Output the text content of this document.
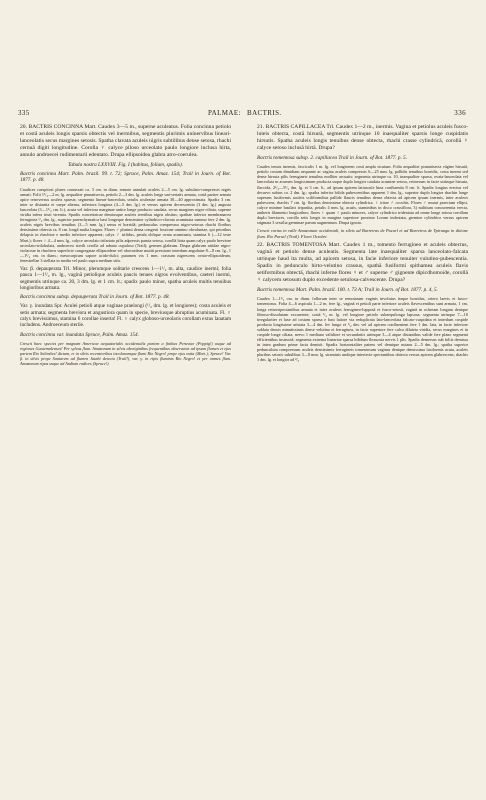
335	PALMAE: BACTRIS.	336

20. BACTRIS CONCINNA Mart. Caudex 3—5 m., superne aculeatus. Folia concinna petiolo et costā aculeis longis sparsis obtectis vel inermibus, segmentis plurimis unínervibus lineari-lanceolatis secus margines setosis. Spatha clavata aculeis nigris subtilibus dense setosa, rhachi cernuā digiti longitudine. Corolla ♀ calyce piloso urceolato paulo longiore inclusa hirta, annulo androecei rudimentarii edentato. Drupa ellipsoidea glabra atro-coerulea.

Tabula nostra LXXVIII. Fig. I (habitus, folium, spadix).

Bactris concinna Mart. Palm. brazil. 99. t. 72; Spruce, Palm. Amaz. 154; Trail in Journ. of Bot. 1877. p. 48.

Caudices caespitosi plures connexati ca. 3 cm. in diam. remote annulati aculeis 2—5 cm. lg. subulato-compressis nigris armati. Folii 1¹/₂—2 m. lg. aequaliter pinnatisecta, petiolo 2—3 dm. lg. aculeis longe uni-seriatis armata, costā pariter armata apice retroversus aculeis sparsis; segmenta lineari-lanceolata, setulis aculeatae armata 30—40 approximata. Spadix 3 cm. inter se distantia et saepe alterna, inferiora longiora (4—5 dm. lg.) et versus apicem decrescentia (3 dm. lg.) angusta lanceolata (3—1¹/₂ cm. lt.), acuta vel inferiora marginae antice longe producto caudata, secus margines nigro-ciliata, superne viridia infera tristi virentia. Spadix concentricae densiusque aculeis teretibus nigris obsitus; spathae inferior membranacea ferruginea ¹/₂ dm. lg., superior parenchymatica basi longeque densissime cylindrico-clavata acuminata summo fere 2 dm. lg. aculeis nigris brevibus tenuibus (3—5 mm. lg.) sensu et horridā; pedunculus compressus nigro-setosus rhachi floribus densissime obtecta ca. 8 cm. longā multa longior. Flores ♂ plurimi densa congesti fossione omnino obvoluntae, qui priorthus delapsis in rhachioe e medio inferiore apparent; calyx ♂ trifidus, petala oblique ovata acuminata, stamina 6 (—12 teste Mart.); flores ♀ 4—4 mm. lg., calyce urceolato trifariato pilis adpressis paruta setosa, corollā hirta quam calyx paulo breviore urceolato-trilobulata, androeceo sterili cerolla ad adnato cupuloso (Trail); germen glabrum. Drupa glabrum nitidae nigro-violaceae in rhacheos superficie congregatae ellipsoideae vel obovoideae mutiti pressione interdum angulatae 8—8 cm. lg., 1—1¹/₂ cm. in diam.; mesocarpium sapore acido-dulci; putamen vix 1 mm. crassum nigrescens ovato-ellipsoideum, fenestrellae 3 stellata in media vel paulo supra medium sitis.

Var. β. depauperata Trl. Minor, plerumque solitarie crescens 1—1¹/₂ m. alta, caudice inermi; folia pauca 1—1¹/₂ m. lg., vaginā petiolique aculeis paucis tenues nigros evolventibus, caeteri inermi, segmentis utrinque ca. 20, 3 dm. lg. et 1 cm. lt.; spadix paulo minor, spatha aculeis multis tenuibus longioribus armata.

Bactris concinna subsp. depauperata Trail in Journ. of Bot. 1877. p. 48.

Var. γ. inundata Spr. Aculei petioli atque vaginae praelongi (¹/₂ dm. lg. et longiores); costa aculeis et setis armata; segmenta breviora et angustiora quam in specie, breviusque abruptius acuminata. Fl. ♀ calyx brevissimus, stamina 6 corollae inserta! Fl. ♀ calyx globoso-urceolaris corollam extus lanatam includens. Androeceum sterile.

Bactris concinna var. inundata Spruce, Palm. Amaz. 154.

Crescit haec species per magnam Americae aequatorialis occidentalis partem a finibus Peruviae (Poppig!) usque ad regiones Guatemalenses! Per sylvas flum. Amazonum in silvis aboriginibus frequentibus observatur ad ipsum flumen et ejus partem Rio Solimões! dictum, et in silvis recentioribus incolarumque flumi Rio Negro! prope ejus ostia (Mart.); Spruce! Var. β. in silvis prope Santarem ad flumen Jatahi detecta (Trail!), var. γ. in ripis fluminis Rio Negro! et per omnes flum. Amazonum ripas usque ad Andium radices (Spruce!).

21. BACTRIS CAPILLACEA Trl. Caudex 1—2 m., inermis. Vagina et petiolus aculeis fusco-luteis obtecta, costā hirsutā, segmentis utrinque 10 inaequaliter sparsis longe cuspidatis hirsutis. Spatha aculeis longis tenuibus dense obtecta, rhachi crasse cylindricā, corollā ♀ calyce setoso inclusā hirtā. Drupa?

Bactris tomentosa subsp. 2. capillacea Trail in Journ. of Bot. 1877. p. 5.

Caudex tenuis inermis, fasciculis 1 m. lg. vel longiorem costi ampla sicutum. Folia aequaliter pinnatisecta vāgine hirsutā, petiolo costam dimidiam aequante ac vagina aculeis compressis 6—25 mm. lg. pallidis tenuibus horridis, costa inermi sed dense hirsuta pilis ferrugineis tenuibus molliter arcuatis; segmenta utrinque ca. 10, inaequaliter sparsa, ovata-lanceolata vel lanceolata in acumen longissimum producta usque duplo longior caudata acumine setoso, retrorsum in facie utrinque hirsuta, flaccida, 2¹/₂—5¹/₂ dm. lg. et 3 cm. lt., ad ipsum apicem latiuscule bina confluentia 8 cm. lt. Spadix longius erectus vel decurvo subtus ca. 2 dm. lg.; spatha inferior bifida pubescentibus apparent 1 dm. lg., superior duplo longior rhachin longe superans fusiformis aculeis sciliformibus pallide flaucis tenuibus dense obtecta ad apicem ipsum inermis, inter aculeos pubescens; rhachis 7 cm. lg. floribus densissime obtecta cylindrica. ♀ tritae ♂ occultis. Flores ♂ mutui praecium ellipsi, calyce minime basilaci tripartita, petalis 4 mm. lg. acutis, staminibus in disco crassiflora, 3) militium concurrentia erecta, antheris filamento longioribus; flores ♀ quam ♂ paulo minores, calyce cylindrico tridentata ad omne longe setosa corollam duplo breviores, corolla setis longis in margine superiore proximo Lorum indentata, germine cylindrico versus apicem stigmata 3 sessilia germinae parum augmentum. Drupa ignota.

Crescit rarius in valle Amazonum occidentali, in silvis ad Barreiras de Pacarl et ad Barreiros de Ypiranga in ditione flum. Rio Purus! (Trail). Floret Octobri.

22. BACTRIS TOMENTOSA Mart. Caudex 1 m., tomento ferrugineo et aculeis obtectus, vaginā et petiolo dense aculeatis. Segmenta late inaequaliter sparsa lanceolato-falcata utrinque haud ita multa, ad apicem setosa, in facie inferiore tenuiter vulutino-pubescentia. Spadix in pedunculo hirto-velutino crassus, spathā fusiformi spithamea aculeis flavis setiformibus obtectā, rhachi inferne flores ♀ et ♂ superne ♂ gignente dipicdhomoide, corollā ♀ calycem setosum duplo excedente setulosa-calvescente. Drupa?

Bactris tomentosa Mart. Palm. brazil. 100. t. 73 A; Trail in Journ. of Bot. 1877. p. 4, 5.

Caudex 1—1¹/₂ cm. in diam. follorum inter se remotarum vaginis involutus itaque horridus, cetero laevis et fusco-tomentosus. Folia 4—6 aspicula 1—2 m. fere lg., vaginā et petioli parte inferiore aculeis flavescentibus sunt armata, 1 cm. longa retrorsipectantibus armata et inter aculeos ferrugineo-lupposā et fusco-setosā, vaginā in ochream longam denique fibroso-dissolutam excurrente, costā ¹/₂ m. lg. vel longiore petiolo subaequilonga lapsosa; segmenta utrinque 7—10 irregulariter et laxe ad costam sparsa e basi latiore via reduplicata lato-lanceolata falcato-cuspidata et interdum cuspide producta longissime aristata 3—4 dm. lev lungo et ¹/₂ dm. vel ad apicem confluentem fere 1 dm. lata, in facie inferiore sublata densis minutissimis dense velutina et ferruginea, in facie superiore fere calva diluteia viridia, secus margines et in cuspide longe ciliata, nervo 1 mediano validiore et secundariis utrinque 3—4 atque distantibus valide fere plano segmenti efficientibus instructā; segmenta extrema lineariae sparsa bifidum flexuosia nervis 1 plis. Spadix demersus sub foliis demissa in intea gradum prime facta demisit. Spadix horizontaliter patens vel demique nutans 2—5 dm. lg.; spatha superior pedunculum compressum aculeis densissimis ferrugineis tomentosum vaginas denique densissima fusiformis acuta, aculeis pluribus setosis subulibus 3—8 mm. lg. straminis undique interiecte spectantibus obtecta versus apicem glabrescens; rhachis 1 dm. lg. et longior ad ²/₃
